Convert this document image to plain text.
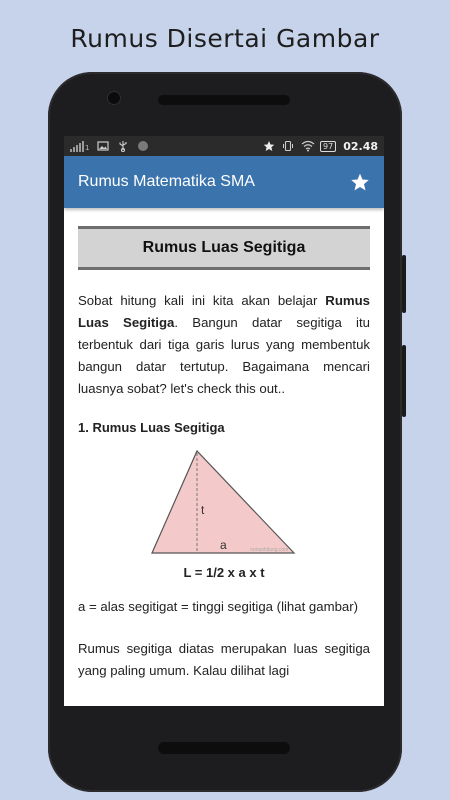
Rumus Disertai Gambar
1	97 02.48
Rumus Matematika SMA
Rumus Luas Segitiga

Sobat hitung kali ini kita akan belajar Rumus Luas Segitiga. Bangun datar segitiga itu terbentuk dari tiga garis lurus yang membentuk bangun datar tertutup. Bagaimana mencari luasnya sobat? let's check this out..

1. Rumus Luas Segitiga
t
a	rumushitung.com
L = 1/2 x a x t

a = alas segitigat = tinggi segitiga (lihat gambar)

Rumus segitiga diatas merupakan luas segitiga yang paling umum. Kalau dilihat lagi
